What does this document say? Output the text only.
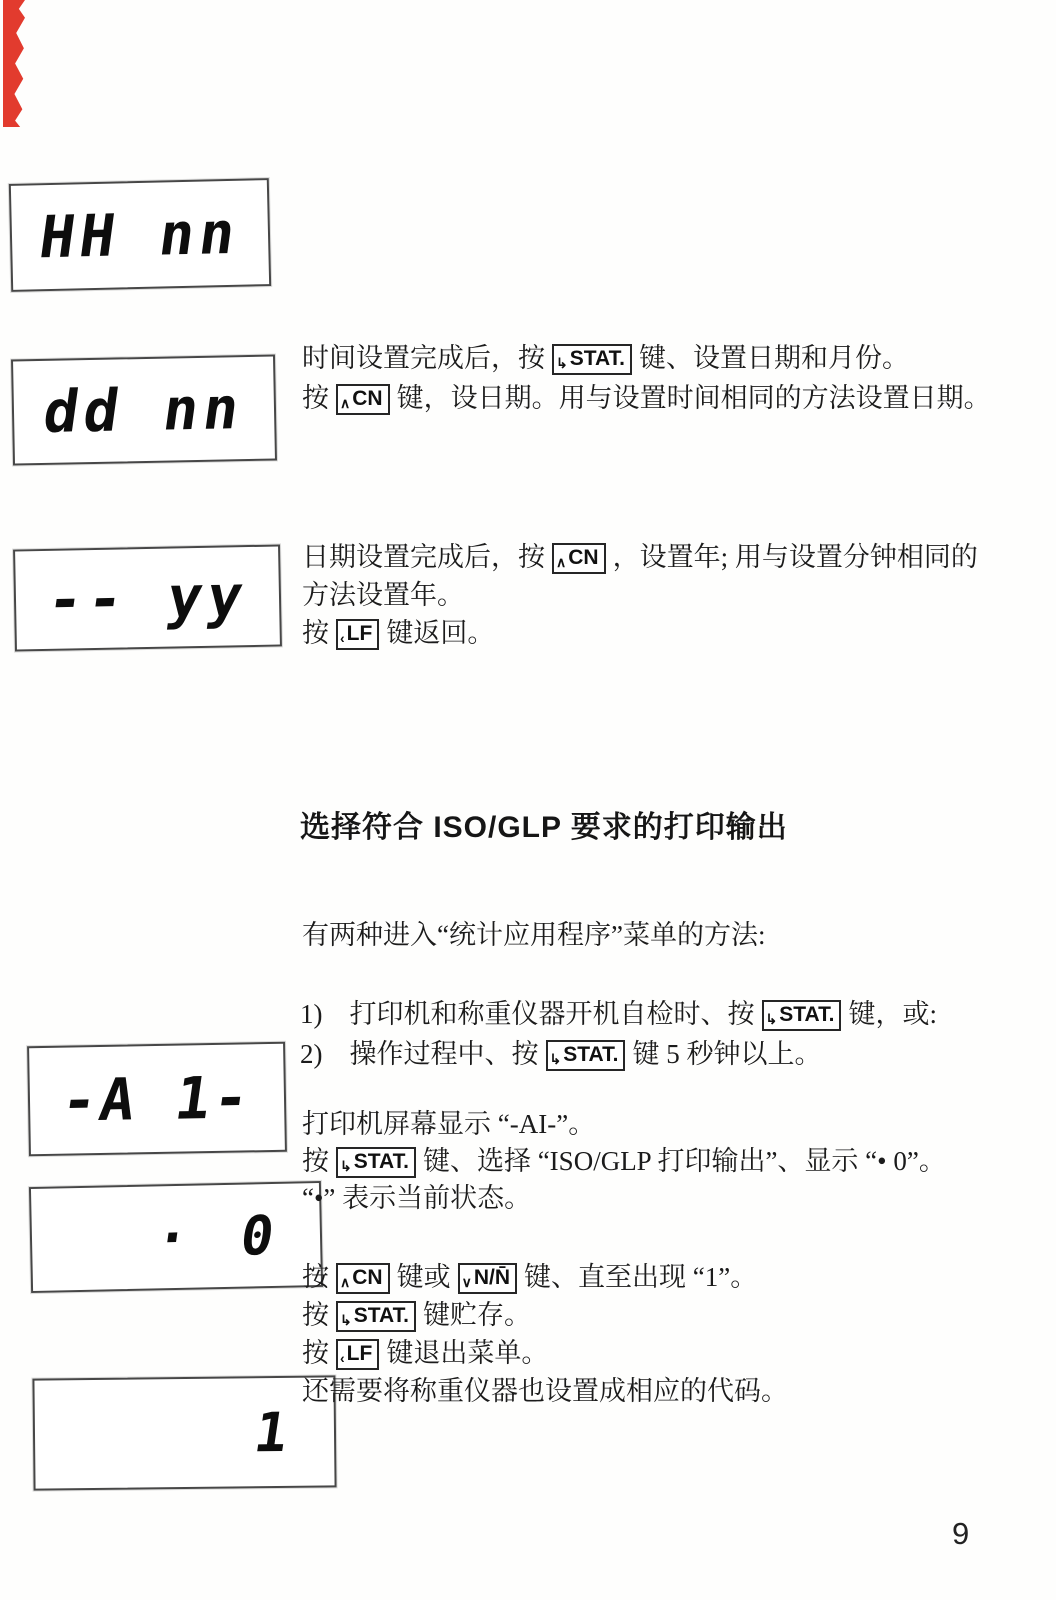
HH nn
dd nn
-- yy
-A 1-
· 0
1
时间设置完成后，按 ↳STAT. 键、设置日期和月份。
按 ∧CN 键，设日期。用与设置时间相同的方法设置日期。
日期设置完成后，按 ∧CN ，设置年; 用与设置分钟相同的
方法设置年。
按 ‹LF 键返回。
选择符合 ISO/GLP 要求的打印输出
有两种进入“统计应用程序”菜单的方法:
1) 打印机和称重仪器开机自检时、按 ↳STAT. 键，或:
2) 操作过程中、按 ↳STAT. 键 5 秒钟以上。
打印机屏幕显示 “-AI-”。
按 ↳STAT. 键、选择 “ISO/GLP 打印输出”、显示 “• 0”。
“•” 表示当前状态。
按 ∧CN 键或 ∨N/N̄ 键、直至出现 “1”。
按 ↳STAT. 键贮存。
按 ‹LF 键退出菜单。
还需要将称重仪器也设置成相应的代码。
9
